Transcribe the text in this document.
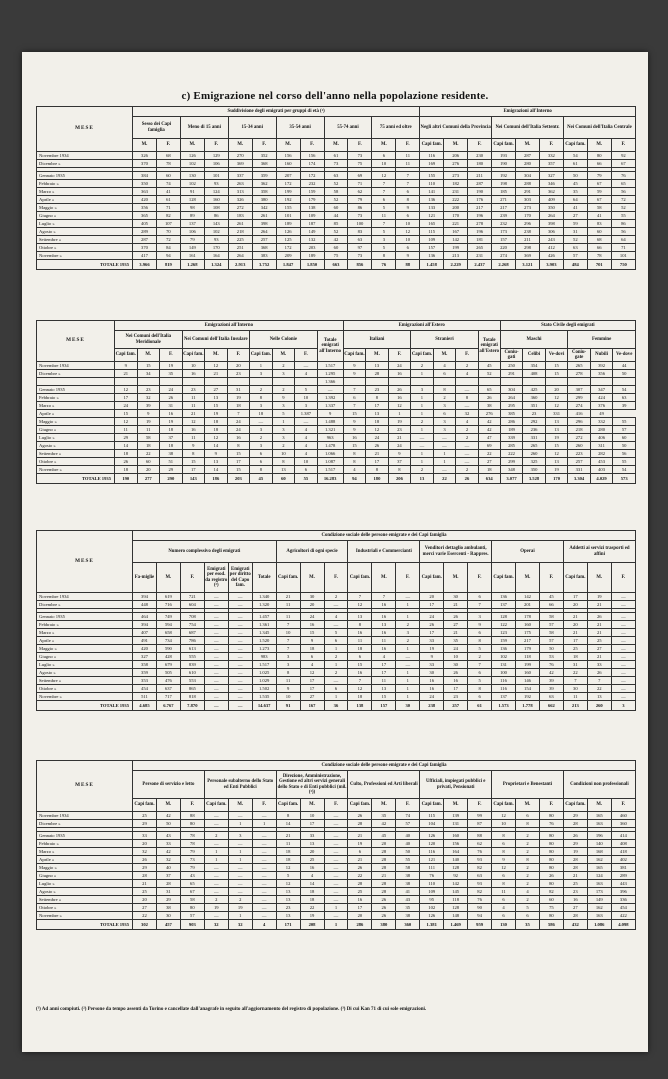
c) Emigrazione nel corso dell'anno nella popolazione residente.
MESE	Suddivisione degli emigrati per gruppi di età (¹)												Emigrazioni all'Interno								
	Sesso dei Capi famiglia		Meno di 15 anni		15-34 anni		35-54 anni		55-74 anni		75 anni ed oltre		Negli altri Comuni della Provincia			Nei Comuni dell'Italia Settentr.			Nei Comuni dell'Italia Centrale		
	M.	F.	M.	F.	M.	F.	M.	F.	M.	F.	M.	F.	Capi fam.	M.	F.	Capi fam.	M.	F.	Capi fam.	M.	F.
Novembre 1934	326	68	126	129	270	352	156	156	61	73	6	11	116	206	230	193	287	332	54	80	92
Dicembre »	370	78	102	106	369	368	160	174	73	75	10	11	169	276	180	190	280	357	61	66	67

Gennaio 1935	384	60	130	101	337	359	207	172	63	69	12	7	155	273	211	192	304	327	50	79	76
Febbraio »	350	74	102	93	263	362	172	232	52	71	7	7	110	182	287	198	288	346	45	67	65
Marzo »	363	41	91	124	313	358	199	159	58	62	7	6	141	231	190	185	291	362	35	59	56
Aprile »	420	61	128	160	326	380	192	179	52	79	6	8	136	222	176	271	303	409	64	67	72
Maggio »	356	71	98	108	272	342	155	138	60	86	5	9	133	200	217	217	273	350	41	58	52
Giugno »	365	82	89	86	183	261	101	109	44	73	11	6	121	170	196	239	170	264	27	41	55
Luglio »	405	107	137	143	261	398	189	187	85	100	7	10	165	221	278	232	296	398	59	83	86
Agosto »	289	70	106	102	218	264	126	149	52	83	5	12	115	167	196	173	238	306	31	60	56
Settembre »	287	72	79	93	225	257	125	132	42	63	3	10	109	142	181	157	211	243	52	68	64
Ottobre »	370	84	149	170	251	368	172	203	60	97	5	6	157	199	265	220	298	412	63	66	71
Novembre »	417	94	161	164	264	383	209	189	75	73	8	9	136	213	231	274	369	426	57	78	101
TOTALE 1935	3.966	819	1.268	1.324	2.913	3.752	1.847	1.850	663	856	76	88	1.458	2.229	2.437	2.268	3.121	3.903	484	701	750
MESE	Emigrazioni all'Interno										Emigrazioni all'Estero							Stato Civile degli emigrati					
	Nei Comuni dell'Italia Meridionale			Nei Comuni dell'Italia Insulare			Nelle Colonie			Totale emigrati all'Interno	Italiani			Stranieri			Totale emigrati all'Estero	Maschi			Femmine		
	Capi fam.	M.	F.	Capi fam.	M.	F.	Capi fam.	M.	F.		Capi fam.	M.	F.	Capi fam.	M.	F.		Coniu-gati	Celibi	Ve-dovi	Coniu-gate	Nubili	Ve-dove
Novembre 1934	9	15	19	10	12	20	1	2	—	1.517	9	13	24	2	4	2	45	250	354	15	265	392	44
Dicembre »	21	34	35	16	21	23	3	3	4	1.295	9	28	16	1	6	4	52	291	408	15	278	356	50
										1.366													
Gennaio 1935	12	23	24	23	27	31	2	2	5	—	7	23	26	3	8	—	65	304	425	20	307	347	54
Febbraio »	17	32	26	11	13	19	8	9	10	1.392	6	8	16	1	2	8	26	264	360	12	299	424	63
Marzo »	24	39	31	11	15	18	3	3	3	1.337	7	17	12	1	3	—	38	295	351	12	274	376	39
Aprile »	15	9	16	21	19	7	18	5	1.387	9	15	13	1	1	6	32	276	385	23	331	416	49	
Maggio »	12	19	19	12	18	24	—	1	—	1.488	9	18	19	2	3	4	42	286	292	13	296	332	55
Giugno »	11	11	18	16	18	24	3	3	4	1.321	9	12	23	1	3	2	42	189	236	13	218	280	57
Luglio »	29	58	37	11	12	16	2	3	4	963	16	24	21	—	—	2	47	339	331	19	272	406	60
Agosto »	14	18	18	9	14	8	3	2	4	1.478	15	26	24	—	—	—	69	285	265	15	260	311	50
Settembre »	18	22	38	8	9	15	6	10	4	1.066	8	21	9	1	1	—	22	222	260	12	223	282	56
Ottobre »	26	60	51	15	13	17	6	8	10	1.087	8	17	37	1	1	—	27	299	325	13	257	453	55
Novembre »	18	20	29	17	14	15	8	13	6	1.517	4	8	8	2	—	2	18	348	350	19	331	403	54
TOTALE 1935	190	277	290	143	186	203	45	60	55	16.283	94	180	206	13	22	26	634	3.077	3.528	170	3.304	4.029	573
MESE	Condizione sociale delle persone emigrate e dei Capi famiglia																				
	Numero complessivo degli emigrati						Agricoltori di ogni specie			Industriali e Commercianti			Venditori dettaglio ambulanti, merci varie Esercenti - Rappres.			Operai			Addetti ai servizi trasporti ed affini		
	Fa-miglie	M.	F.	Emigrati per esod. da registro (²)	Emigrati per diritto del Capo fam.	Totale	Capi fam.	M.	F.	Capi fam.	M.	F.	Capi fam.	M.	F.	Capi fam.	M.	F.	Capi fam.	M.	F.
Novembre 1934	394	619	721	—	—	1.340	21	30	2	7	7	—	20	30	6	136	142	45	17	19	—
Dicembre »	448	716	604	—	—	1.320	11	20	—	12	16	1	17	21	7	137	201	66	20	21	—

Gennaio 1935	464	749	708	—	—	1.457	11	24	4	13	16	1	24	26	3	128	178	58	21	26	—
Febbraio »	394	594	754	—	—	1.361	7	16	—	8	13	2	26	27	9	122	160	57	20	21	—
Marzo »	407	658	687	—	—	1.345	10	15	5	16	16	3	17	21	6	123	175	58	21	21	—
Aprile »	491	734	786	—	—	1.520	7	9	6	11	11	2	33	35	8	159	217	57	17	25	—
Maggio »	420	590	613	—	—	1.273	7	18	1	18	16	1	19	24	5	136	179	50	25	27	—
Giugno »	327	428	555	—	—	983	3	6	2	6	4	—	9	10	2	102	118	53	18	21	—
Luglio »	358	679	839	—	—	1.517	3	4	1	15	17	—	33	30	7	131	199	76	31	33	—
Agosto »	359	505	610	—	—	1.025	8	12	2	16	17	1	30	26	6	100	160	42	22	26	—
Settembre »	353	476	553	—	—	1.029	11	17	—	7	11	1	16	16	5	116	146	39	7	7	—
Ottobre »	454	637	865	—	—	1.502	9	17	6	12	13	1	16	17	8	116	154	39	30	22	—
Novembre »	511	717	818	—	—	1.535	10	27	1	18	15	1	24	23	6	137	192	63	11	13	—
TOTALE 1935	4.685	6.767	7.870	—	—	14.637	91	167	36	138	157	30	238	257	61	1.573	1.778	662	213	260	3
MESE	Condizione sociale delle persone emigrate e dei Capi famiglia																				
	Persone di servizio e letto			Personale subalterno dello Stato ed Enti Pubblici			Direzione, Amministrazione, Gestione ed altri servizi generali dello Stato e di Enti pubblici (mil. (³))			Culto, Professioni ed Arti liberali			Ufficiali, impiegati pubblici e privati, Pensionati			Proprietari e Benestanti			Condizioni non professionali		
	Capi fam.	M.	F.	Capi fam.	M.	F.	Capi fam.	M.	F.	Capi fam.	M.	F.	Capi fam.	M.	F.	Capi fam.	M.	F.	Capi fam.	M.	F.
Novembre 1934	25	42	88	—	—	—	8	10	—	26	35	74	115	139	99	12	6	80	29	165	460
Dicembre »	29	50	80	—	1	1	14	17	—	28	42	57	104	131	87	10	8	76	28	163	360

Gennaio 1935	33	43	78	2	3	—	21	33	—	21	45	40	126	160	88	8	2	80	26	196	414
Febbraio »	20	33	78	—	—	—	11	13	—	19	20	40	120	156	62	6	2	80	29	140	408
Marzo »	32	42	79	1	1	—	18	20	—	6	28	50	116	164	76	8	2	80	19	168	418
Aprile »	26	32	73	1	1	—	18	25	—	21	28	55	121	140	93	9	8	80	28	162	402
Maggio »	29	40	79	—	—	—	12	16	—	26	28	58	111	128	82	12	2	80	28	165	381
Giugno »	28	37	43	—	—	—	5	4	—	22	21	38	76	92	63	6	2	26	21	124	289
Luglio »	21	28	65	—	—	—	12	14	—	28	28	38	110	142	93	8	2	80	25	163	443
Agosto »	25	31	67	—	—	—	13	18	—	25	28	41	109	145	82	11	4	82	23	173	396
Settembre »	20	29	58	2	2	—	13	18	—	16	26	43	95	118	76	6	2	60	16	149	336
Ottobre »	27	38	80	19	19	—	23	22	1	17	26	35	102	128	90	4	5	75	27	162	454
Novembre »	22	30	57	—	1	—	13	19	—	20	26	38	126	148	94	6	6	80	28	163	422
TOTALE 1935	302	457	903	32	32	4	171	208	1	286	380	360	1.381	1.469	959	130	35	586	432	1.086	4.098
(¹) Ad anni compiuti. (²) Persone da tempo assenti da Torino e cancellate dall'anagrafe in seguito all'aggiornamento del registro di popolazione. (³) Di cui Kan 71 di cui sole emigrazioni.
